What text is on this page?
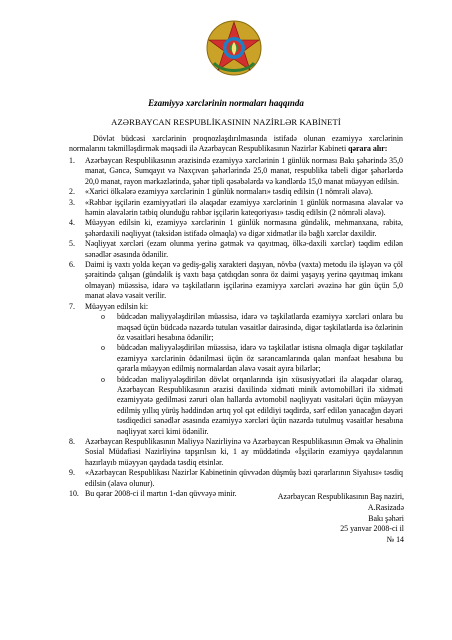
Ezamiyyə xərclərinin normaları haqqında
AZƏRBAYCAN RESPUBLİKASININ NAZİRLƏR KABİNETİ
Dövlət büdcəsi xərclərinin proqnozlaşdırılmasında istifadə olunan ezamiyyə xərclərinin normalarını təkmilləşdirmək məqsədi ilə Azərbaycan Respublikasının Nazirlər Kabineti qərara alır:
1.	Azərbaycan Respublikasının ərazisində ezamiyyə xərclərinin 1 günlük norması Bakı şəhərində 35,0 manat, Gəncə, Sumqayıt və Naxçıvan şəhərlərində 25,0 manat, respublika tabeli digər şəhərlərdə 20,0 manat, rayon mərkəzlərində, şəhər tipli qəsəbələrdə və kəndlərdə 15,0 manat müəyyən edilsin.
2.	«Xarici ölkələrə ezamiyyə xərclərinin 1 günlük normaları» təsdiq edilsin (1 nömrəli əlavə).
3.	«Rəhbər işçilərin ezamiyyətləri ilə əlaqədar ezamiyyə xərclərinin 1 günlük normasına əlavələr və həmin əlavələrin tətbiq olunduğu rəhbər işçilərin kateqoriyası» təsdiq edilsin (2 nömrəli əlavə).
4.	Müəyyən edilsin ki, ezamiyyə xərclərinin 1 günlük normasına gündəlik, mehmanxana, rabitə, şəhərdaxili nəqliyyat (taksidən istifadə olmaqla) və digər xidmətlər ilə bağlı xərclər daxildir.
5.	Nəqliyyat xərcləri (ezam olunma yerinə gətmək və qayıtmaq, ölkə-daxili xərclər) təqdim edilən sənədlər əsasında ödənilir.
6.	Daimi iş vaxtı yolda keçən və gediş-gəliş xarakteri daşıyan, növbə (vaxta) metodu ilə işləyən və çöl şəraitində çalışan (gündəlik iş vaxtı başa çatdıqdan sonra öz daimi yaşayış yerinə qayıtmaq imkanı olmayan) müəssisə, idarə və təşkilatların işçilərinə ezamiyyə xərcləri əvəzinə hər gün üçün 5,0 manat əlavə vəsait verilir.
7.	Müəyyən edilsin ki:
o büdcədən maliyyələşdirilən müəssisə, idarə və təşkilatlarda ezamiyyə xərcləri onlara bu məqsəd üçün büdcədə nəzərdə tutulan vəsaitlər dairəsində, digər təşkilatlarda isə özlərinin öz vəsaitləri hesabına ödənilir;
o büdcədən maliyyələşdirilən müəssisə, idarə və təşkilatlar istisna olmaqla digər təşkilatlar ezamiyyə xərclərinin ödənilməsi üçün öz sərəncamlarında qalan mənfəət hesabına bu qərarla müəyyən edilmiş normalardan əlavə vəsait ayıra bilərlər;
o büdcədən maliyyələşdirilən dövlət orqanlarında işin xüsusiyyətləri ilə əlaqədar olaraq, Azərbaycan Respublikasının ərazisi daxilində xidməti minik avtomobilləri ilə xidməti ezamiyyətə gedilməsi zəruri olan hallarda avtomobil nəqliyyatı vasitələri üçün müəyyən edilmiş yıllıq yürüş həddindən artıq yol qət edildiyi təqdirdə, sərf edilən yanacağın dəyəri təsdiqedici sənədlər əsasında ezamiyyə xərcləri üçün nəzərdə tutulmuş vəsaitlər hesabına nəqliyyat xərci kimi ödənilir.
8.	Azərbaycan Respublikasının Maliyyə Nazirliyinə və Azərbaycan Respublikasının Əmək və Əhalinin Sosial Müdafiəsi Nazirliyinə tapşırılsın ki, 1 ay müddətində «İşçilərin ezamiyyə qaydalarının hazırlayıb müəyyən qaydada təsdiq etsinlər.
9.	«Azərbaycan Respublikası Nazirlər Kabinetinin qüvvədən düşmüş bəzi qərarlarının Siyahısı» təsdiq edilsin (əlavə olunur).
10. Bu qərar 2008-ci il martın 1-dən qüvvəyə minir.	Azərbaycan Respublikasının Baş naziri,
A.Rasizadə
Bakı şəhəri
25 yanvar 2008-ci il
№ 14
